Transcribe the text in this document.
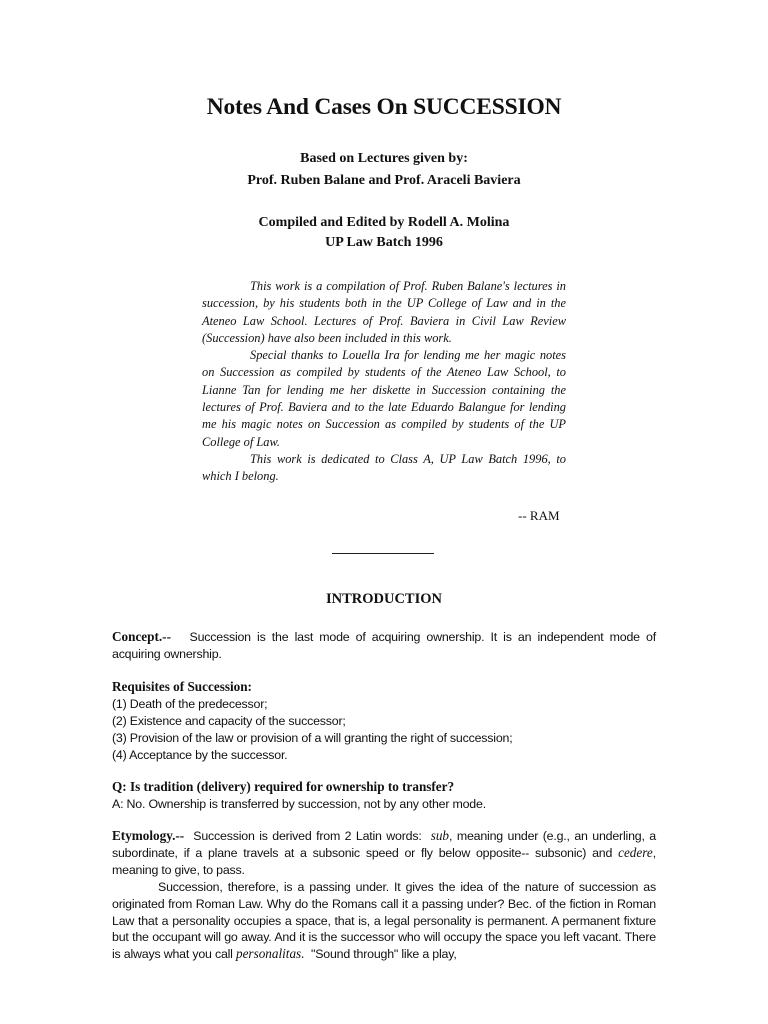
Notes And Cases On SUCCESSION
Based on Lectures given by:
Prof. Ruben Balane and Prof. Araceli Baviera
Compiled and Edited by Rodell A. Molina
UP Law Batch 1996

This work is a compilation of Prof. Ruben Balane's lectures in succession, by his students both in the UP College of Law and in the Ateneo Law School. Lectures of Prof. Baviera in Civil Law Review (Succession) have also been included in this work.

Special thanks to Louella Ira for lending me her magic notes on Succession as compiled by students of the Ateneo Law School, to Lianne Tan for lending me her diskette in Succession containing the lectures of Prof. Baviera and to the late Eduardo Balangue for lending me his magic notes on Succession as compiled by students of the UP College of Law.

This work is dedicated to Class A, UP Law Batch 1996, to which I belong.

-- RAM
INTRODUCTION

Concept.-- Succession is the last mode of acquiring ownership. It is an independent mode of acquiring ownership.

Requisites of Succession:
(1) Death of the predecessor;
(2) Existence and capacity of the successor;
(3) Provision of the law or provision of a will granting the right of succession;
(4) Acceptance by the successor.
Q: Is tradition (delivery) required for ownership to transfer?
A: No. Ownership is transferred by succession, not by any other mode.

Etymology.-- Succession is derived from 2 Latin words: sub, meaning under (e.g., an underling, a subordinate, if a plane travels at a subsonic speed or fly below opposite-- subsonic) and cedere, meaning to give, to pass.

Succession, therefore, is a passing under. It gives the idea of the nature of succession as originated from Roman Law. Why do the Romans call it a passing under? Bec. of the fiction in Roman Law that a personality occupies a space, that is, a legal personality is permanent. A permanent fixture but the occupant will go away. And it is the successor who will occupy the space you left vacant. There is always what you call personalitas. "Sound through" like a play,
